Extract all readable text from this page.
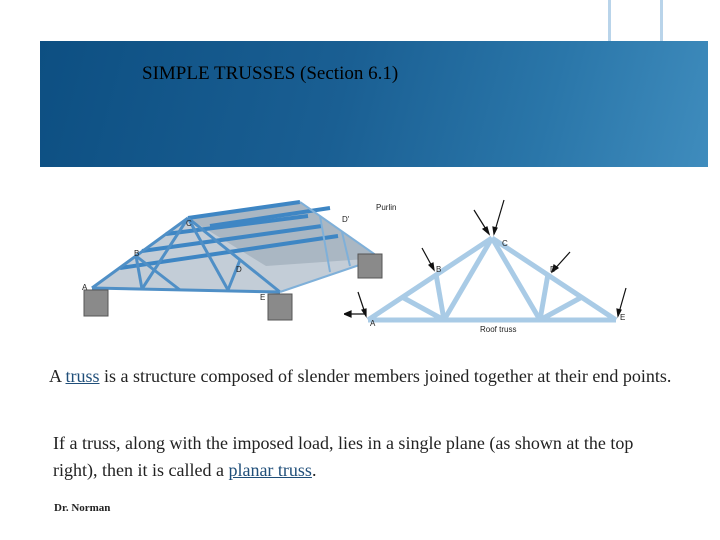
SIMPLE TRUSSES (Section 6.1)
Purlin
C	D'
B
D
A
E
C
B	D
A
E
Roof truss
A truss is a structure composed of slender members joined together at their end points.
If a truss, along with the imposed load, lies in a single plane (as shown at the top right), then it is called a planar truss.
Dr. Norman
